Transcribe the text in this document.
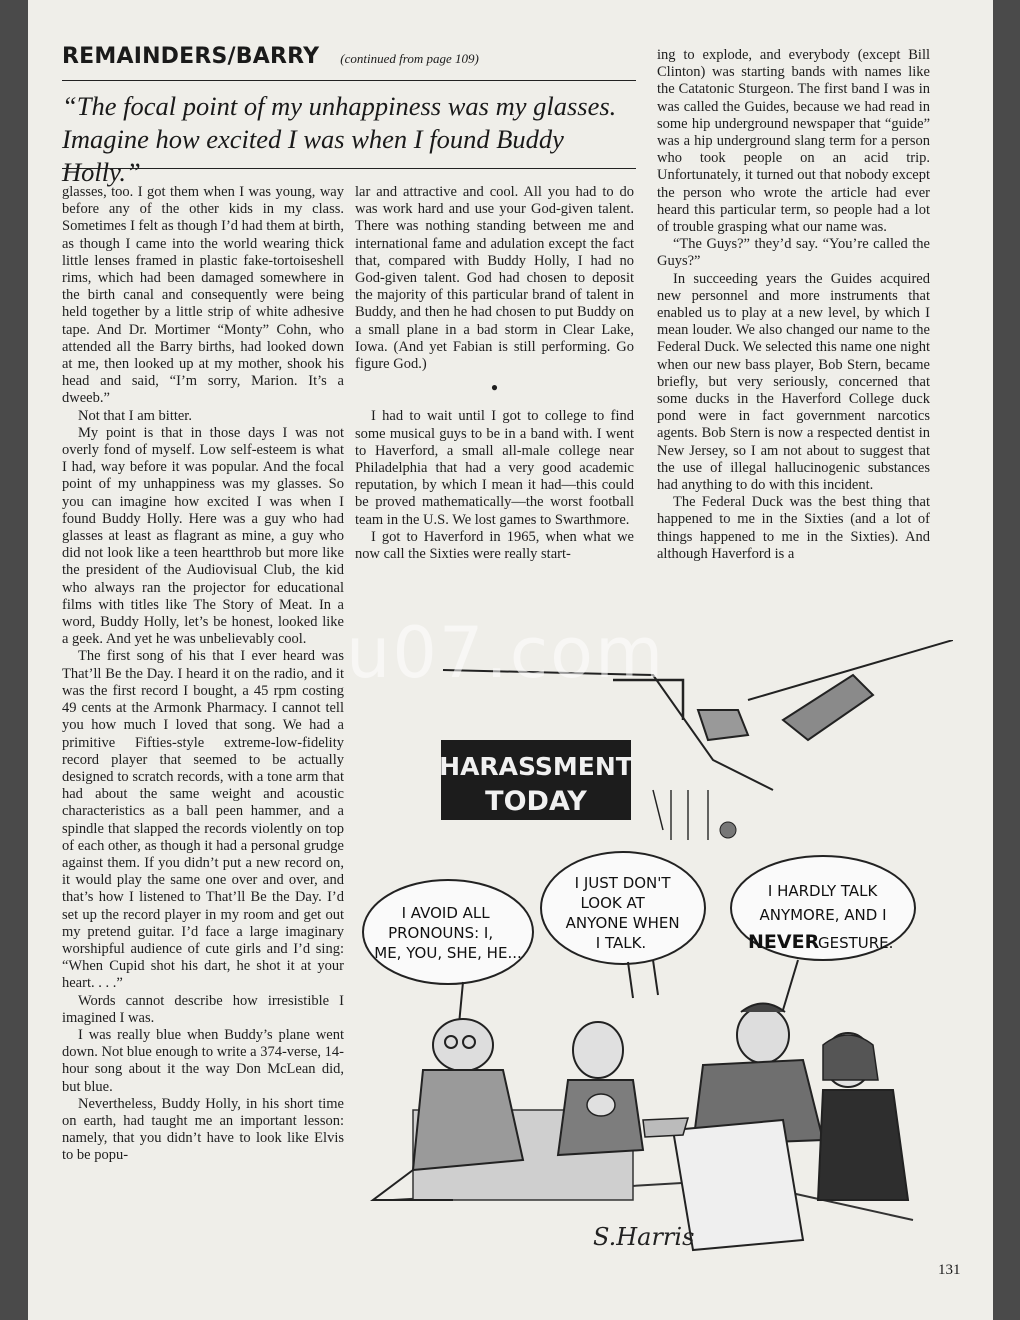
REMAINDERS/BARRY (continued from page 109)
“The focal point of my unhappiness was my glasses. Imagine how excited I was when I found Buddy Holly.”

glasses, too. I got them when I was young, way before any of the other kids in my class. Sometimes I felt as though I’d had them at birth, as though I came into the world wearing thick little lenses framed in plastic fake-tortoiseshell rims, which had been damaged somewhere in the birth canal and consequently were being held together by a little strip of white adhesive tape. And Dr. Mortimer “Monty” Cohn, who attended all the Barry births, had looked down at me, then looked up at my mother, shook his head and said, “I’m sorry, Marion. It’s a dweeb.”

Not that I am bitter.

My point is that in those days I was not overly fond of myself. Low self-esteem is what I had, way before it was popular. And the focal point of my unhappiness was my glasses. So you can imagine how excited I was when I found Buddy Holly. Here was a guy who had glasses at least as flagrant as mine, a guy who did not look like a teen heartthrob but more like the president of the Audiovisual Club, the kid who always ran the projector for educational films with titles like The Story of Meat. In a word, Buddy Holly, let’s be honest, looked like a geek. And yet he was unbelievably cool.

The first song of his that I ever heard was That’ll Be the Day. I heard it on the radio, and it was the first record I bought, a 45 rpm costing 49 cents at the Armonk Pharmacy. I cannot tell you how much I loved that song. We had a primitive Fifties-style extreme-low-fidelity record player that seemed to be actually designed to scratch records, with a tone arm that had about the same weight and acoustic characteristics as a ball peen hammer, and a spindle that slapped the records violently on top of each other, as though it had a personal grudge against them. If you didn’t put a new record on, it would play the same one over and over, and that’s how I listened to That’ll Be the Day. I’d set up the record player in my room and get out my pretend guitar. I’d face a large imaginary worshipful audience of cute girls and I’d sing: “When Cupid shot his dart, he shot it at your heart. . . .”

Words cannot describe how irresistible I imagined I was.

I was really blue when Buddy’s plane went down. Not blue enough to write a 374-verse, 14-hour song about it the way Don McLean did, but blue.

Nevertheless, Buddy Holly, in his short time on earth, had taught me an important lesson: namely, that you didn’t have to look like Elvis to be popu-

lar and attractive and cool. All you had to do was work hard and use your God-given talent. There was nothing standing between me and international fame and adulation except the fact that, compared with Buddy Holly, I had no God-given talent. God had chosen to deposit the majority of this particular brand of talent in Buddy, and then he had chosen to put Buddy on a small plane in a bad storm in Clear Lake, Iowa. (And yet Fabian is still performing. Go figure God.)

●

I had to wait until I got to college to find some musical guys to be in a band with. I went to Haverford, a small all-male college near Philadelphia that had a very good academic reputation, by which I mean it had—this could be proved mathematically—the worst football team in the U.S. We lost games to Swarthmore.

I got to Haverford in 1965, when what we now call the Sixties were really start-

ing to explode, and everybody (except Bill Clinton) was starting bands with names like the Catatonic Sturgeon. The first band I was in was called the Guides, because we had read in some hip underground newspaper that “guide” was a hip underground slang term for a person who took people on an acid trip. Unfortunately, it turned out that nobody except the person who wrote the article had ever heard this particular term, so people had a lot of trouble grasping what our name was.

“The Guys?” they’d say. “You’re called the Guys?”

In succeeding years the Guides acquired new personnel and more instruments that enabled us to play at a new level, by which I mean louder. We also changed our name to the Federal Duck. We selected this name one night when our new bass player, Bob Stern, became briefly, but very seriously, concerned that some ducks in the Haverford College duck pond were in fact government narcotics agents. Bob Stern is now a respected dentist in New Jersey, so I am not about to suggest that the use of illegal hallucinogenic substances had anything to do with this incident.

The Federal Duck was the best thing that happened to me in the Sixties (and a lot of things happened to me in the Sixties). And although Haverford is a

HARASSMENT
TODAY
I AVOID ALL PRONOUNS: I, ME, YOU, SHE, HE...
I JUST DON'T LOOK AT ANYONE WHEN I TALK.
I HARDLY TALK ANYMORE, AND I
NEVER GESTURE.
S.Harris
u07.com
131
